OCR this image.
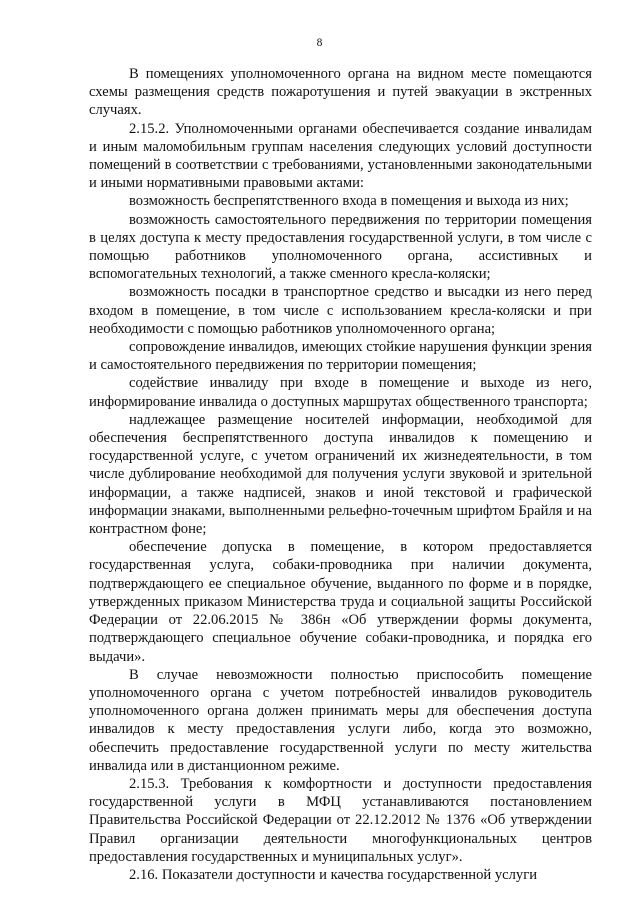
8

В помещениях уполномоченного органа на видном месте помещаются схемы размещения средств пожаротушения и путей эвакуации в экстренных случаях.

2.15.2. Уполномоченными органами обеспечивается создание инвалидам и иным маломобильным группам населения следующих условий доступности помещений в соответствии с требованиями, установленными законодательными и иными нормативными правовыми актами:

возможность беспрепятственного входа в помещения и выхода из них;

возможность самостоятельного передвижения по территории помещения в целях доступа к месту предоставления государственной услуги, в том числе с помощью работников уполномоченного органа, ассистивных и вспомогательных технологий, а также сменного кресла-коляски;

возможность посадки в транспортное средство и высадки из него перед входом в помещение, в том числе с использованием кресла-коляски и при необходимости с помощью работников уполномоченного органа;

сопровождение инвалидов, имеющих стойкие нарушения функции зрения и самостоятельного передвижения по территории помещения;

содействие инвалиду при входе в помещение и выходе из него, информирование инвалида о доступных маршрутах общественного транспорта;

надлежащее размещение носителей информации, необходимой для обеспечения беспрепятственного доступа инвалидов к помещению и государственной услуге, с учетом ограничений их жизнедеятельности, в том числе дублирование необходимой для получения услуги звуковой и зрительной информации, а также надписей, знаков и иной текстовой и графической информации знаками, выполненными рельефно-точечным шрифтом Брайля и на контрастном фоне;

обеспечение допуска в помещение, в котором предоставляется государственная услуга, собаки-проводника при наличии документа, подтверждающего ее специальное обучение, выданного по форме и в порядке, утвержденных приказом Министерства труда и социальной защиты Российской Федерации от 22.06.2015 № 386н «Об утверждении формы документа, подтверждающего специальное обучение собаки-проводника, и порядка его выдачи».

В случае невозможности полностью приспособить помещение уполномоченного органа с учетом потребностей инвалидов руководитель уполномоченного органа должен принимать меры для обеспечения доступа инвалидов к месту предоставления услуги либо, когда это возможно, обеспечить предоставление государственной услуги по месту жительства инвалида или в дистанционном режиме.

2.15.3. Требования к комфортности и доступности предоставления государственной услуги в МФЦ устанавливаются постановлением Правительства Российской Федерации от 22.12.2012 № 1376 «Об утверждении Правил организации деятельности многофункциональных центров предоставления государственных и муниципальных услуг».

2.16. Показатели доступности и качества государственной услуги
